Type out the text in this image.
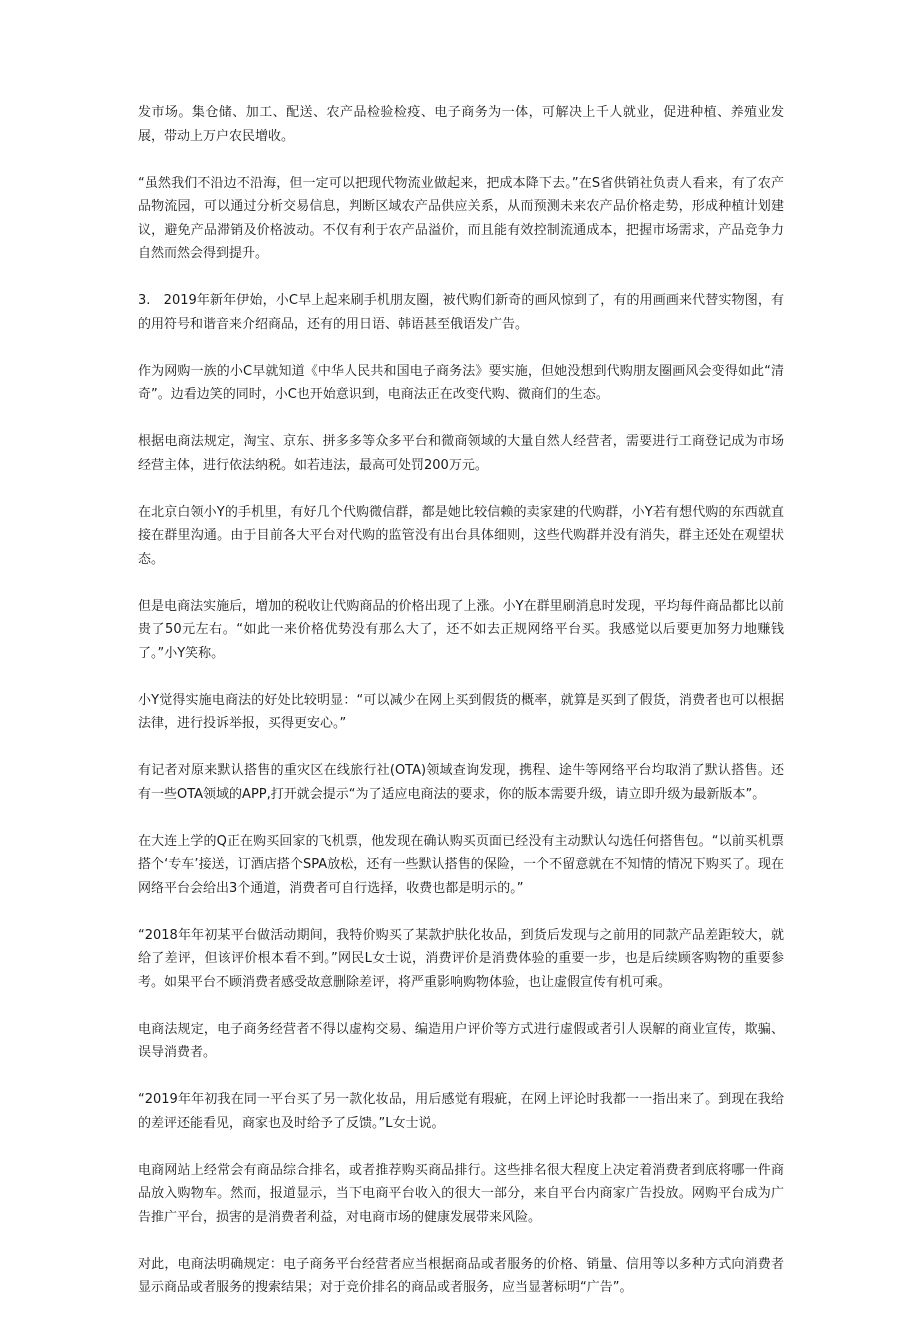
发市场。集仓储、加工、配送、农产品检验检疫、电子商务为一体，可解决上千人就业，促进种植、养殖业发展，带动上万户农民增收。

“虽然我们不沿边不沿海，但一定可以把现代物流业做起来，把成本降下去。”在S省供销社负责人看来，有了农产品物流园，可以通过分析交易信息，判断区域农产品供应关系，从而预测未来农产品价格走势，形成种植计划建议，避免产品滞销及价格波动。不仅有利于农产品溢价，而且能有效控制流通成本，把握市场需求，产品竞争力自然而然会得到提升。

3.　2019年新年伊始，小C早上起来刷手机朋友圈，被代购们新奇的画风惊到了，有的用画画来代替实物图，有的用符号和谐音来介绍商品，还有的用日语、韩语甚至俄语发广告。

作为网购一族的小C早就知道《中华人民共和国电子商务法》要实施，但她没想到代购朋友圈画风会变得如此“清奇”。边看边笑的同时，小C也开始意识到，电商法正在改变代购、微商们的生态。

根据电商法规定，淘宝、京东、拼多多等众多平台和微商领域的大量自然人经营者，需要进行工商登记成为市场经营主体，进行依法纳税。如若违法，最高可处罚200万元。

在北京白领小Y的手机里，有好几个代购微信群，都是她比较信赖的卖家建的代购群，小Y若有想代购的东西就直接在群里沟通。由于目前各大平台对代购的监管没有出台具体细则，这些代购群并没有消失，群主还处在观望状态。

但是电商法实施后，增加的税收让代购商品的价格出现了上涨。小Y在群里刷消息时发现，平均每件商品都比以前贵了50元左右。“如此一来价格优势没有那么大了，还不如去正规网络平台买。我感觉以后要更加努力地赚钱了。”小Y笑称。

小Y觉得实施电商法的好处比较明显：“可以减少在网上买到假货的概率，就算是买到了假货，消费者也可以根据法律，进行投诉举报，买得更安心。”

有记者对原来默认搭售的重灾区在线旅行社(OTA)领域查询发现，携程、途牛等网络平台均取消了默认搭售。还有一些OTA领域的APP,打开就会提示“为了适应电商法的要求，你的版本需要升级，请立即升级为最新版本”。

在大连上学的Q正在购买回家的飞机票，他发现在确认购买页面已经没有主动默认勾选任何搭售包。“以前买机票搭个‘专车’接送，订酒店搭个SPA放松，还有一些默认搭售的保险，一个不留意就在不知情的情况下购买了。现在网络平台会给出3个通道，消费者可自行选择，收费也都是明示的。”

“2018年年初某平台做活动期间，我特价购买了某款护肤化妆品，到货后发现与之前用的同款产品差距较大，就给了差评，但该评价根本看不到。”网民L女士说，消费评价是消费体验的重要一步，也是后续顾客购物的重要参考。如果平台不顾消费者感受故意删除差评，将严重影响购物体验，也让虚假宣传有机可乘。

电商法规定，电子商务经营者不得以虚构交易、编造用户评价等方式进行虚假或者引人误解的商业宣传，欺骗、误导消费者。

“2019年年初我在同一平台买了另一款化妆品，用后感觉有瑕疵，在网上评论时我都一一指出来了。到现在我给的差评还能看见，商家也及时给予了反馈。”L女士说。

电商网站上经常会有商品综合排名，或者推荐购买商品排行。这些排名很大程度上决定着消费者到底将哪一件商品放入购物车。然而，报道显示，当下电商平台收入的很大一部分，来自平台内商家广告投放。网购平台成为广告推广平台，损害的是消费者利益，对电商市场的健康发展带来风险。

对此，电商法明确规定：电子商务平台经营者应当根据商品或者服务的价格、销量、信用等以多种方式向消费者显示商品或者服务的搜索结果；对于竞价排名的商品或者服务，应当显著标明“广告”。
